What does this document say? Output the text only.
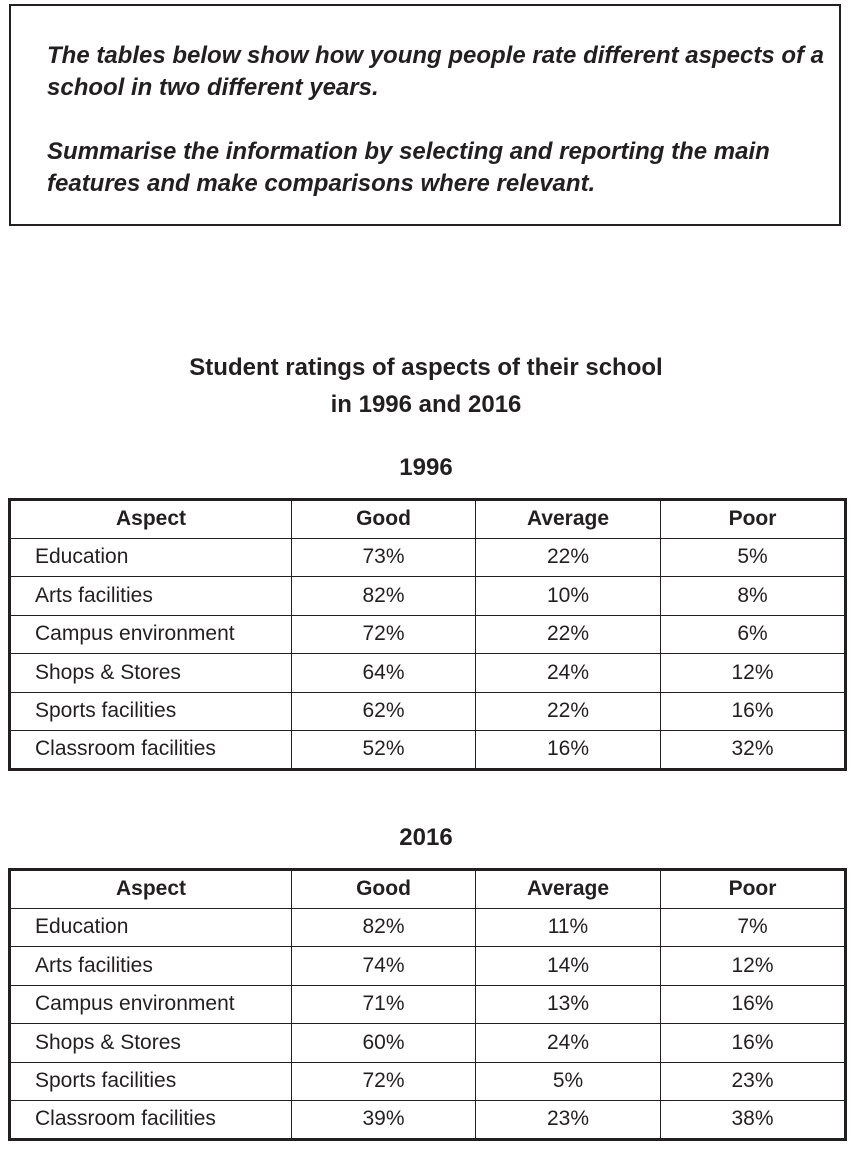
The tables below show how young people rate different aspects of a school in two different years.

Summarise the information by selecting and reporting the main features and make comparisons where relevant.

Student ratings of aspects of their school
in 1996 and 2016
1996
Aspect	Good	Average	Poor
Education	73%	22%	5%
Arts facilities	82%	10%	8%
Campus environment	72%	22%	6%
Shops & Stores	64%	24%	12%
Sports facilities	62%	22%	16%
Classroom facilities	52%	16%	32%
2016
Aspect	Good	Average	Poor
Education	82%	11%	7%
Arts facilities	74%	14%	12%
Campus environment	71%	13%	16%
Shops & Stores	60%	24%	16%
Sports facilities	72%	5%	23%
Classroom facilities	39%	23%	38%
